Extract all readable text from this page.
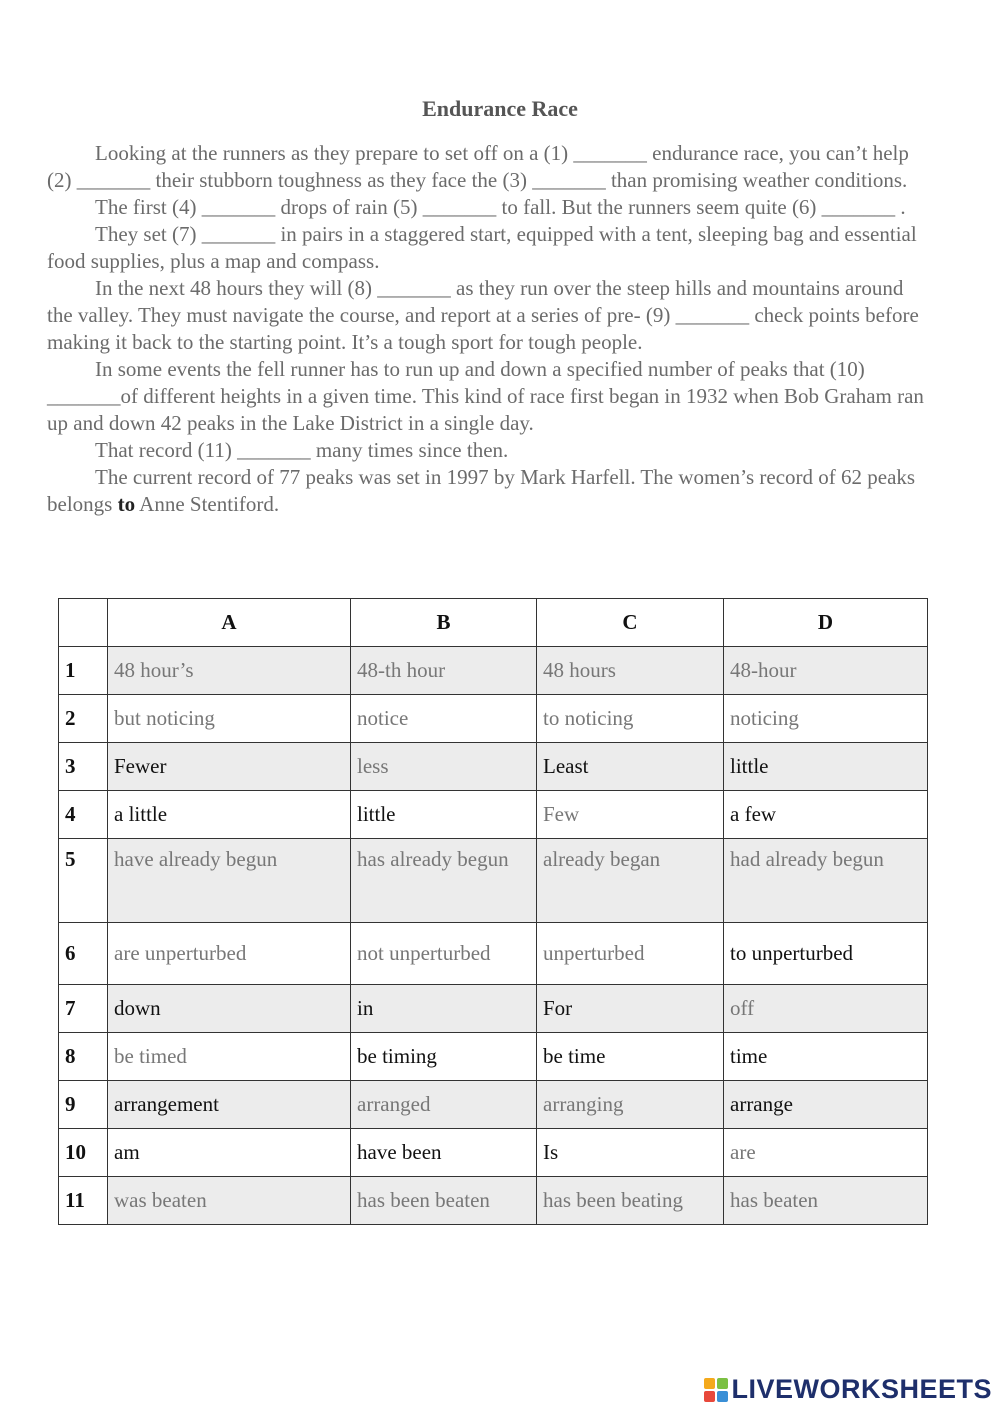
Endurance Race

Looking at the runners as they prepare to set off on a (1) _______ endurance race, you can’t help (2) _______ their stubborn toughness as they face the (3) _______ than promising weather conditions.

The first (4) _______ drops of rain (5) _______ to fall. But the runners seem quite (6) _______ .

They set (7) _______ in pairs in a staggered start, equipped with a tent, sleeping bag and essential food supplies, plus a map and compass.

In the next 48 hours they will (8) _______ as they run over the steep hills and mountains around the valley. They must navigate the course, and report at a series of pre- (9) _______ check points before making it back to the starting point. It’s a tough sport for tough people.

In some events the fell runner has to run up and down a specified number of peaks that (10) _______of different heights in a given time. This kind of race first began in 1932 when Bob Graham ran up and down 42 peaks in the Lake District in a single day.

That record (11) _______ many times since then.

The current record of 77 peaks was set in 1997 by Mark Harfell. The women’s record of 62 peaks belongs to Anne Stentiford.

	A	B	C	D
1	48 hour’s	48-th hour	48 hours	48-hour
2	but noticing	notice	to noticing	noticing
3	Fewer	less	Least	little
4	a little	little	Few	a few
5	have already begun	has already begun	already began	had already begun
6	are unperturbed	not unperturbed	unperturbed	to unperturbed
7	down	in	For	off
8	be timed	be timing	be time	time
9	arrangement	arranged	arranging	arrange
10	am	have been	Is	are
11	was beaten	has been beaten	has been beating	has beaten
LIVEWORKSHEETS
